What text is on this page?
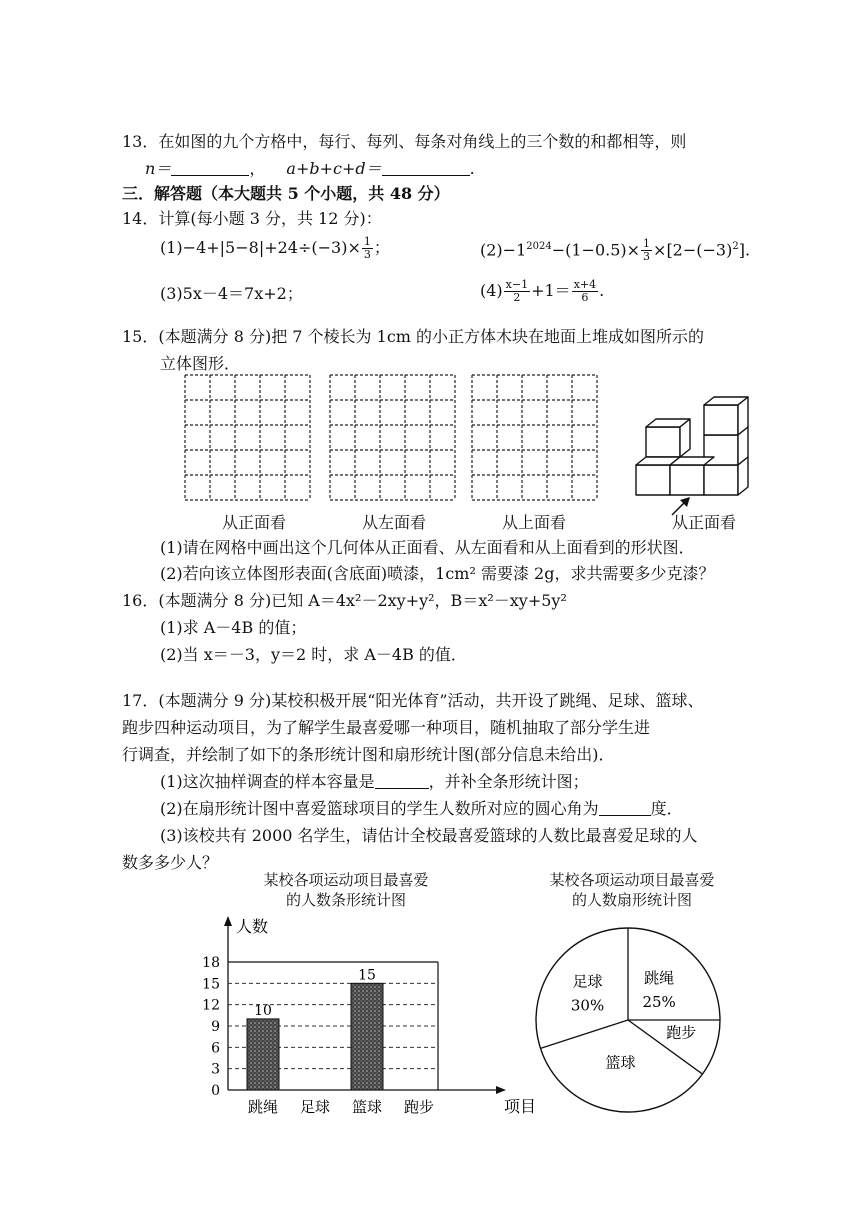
13．在如图的九个方格中，每行、每列、每条对角线上的三个数的和都相等，则
n＝	， a+b+c+d＝	.
三．解答题（本大题共 5 个小题，共 48 分）
14．计算(每小题 3 分，共 12 分)：
$(1)-4+|5-8|+24\div(-3)\times \frac{1}{3}$ ；	$(2)-1^{2024}-(1-0.5)\times \frac{1}{3} \times[2-(-3)^2]$.
(3)5x－4＝7x+2；	$(4) \frac{x-1}{2} +1= \frac{x+4}{6}$ .
15．(本题满分 8 分)把 7 个棱长为 1cm 的小正方体木块在地面上堆成如图所示的
立体图形．
从正面看	从左面看	从上面看	从正面看
(1)请在网格中画出这个几何体从正面看、从左面看和从上面看到的形状图．
(2)若向该立体图形表面(含底面)喷漆，1cm² 需要漆 2g，求共需要多少克漆？
16．(本题满分 8 分)已知 A＝4x²－2xy+y²，B＝x²－xy+5y²
(1)求 A－4B 的值；
(2)当 x＝－3，y＝2 时，求 A－4B 的值．
17．(本题满分 9 分)某校积极开展“阳光体育”活动，共开设了跳绳、足球、篮球、
跑步四种运动项目，为了解学生最喜爱哪一种项目，随机抽取了部分学生进
行调查，并绘制了如下的条形统计图和扇形统计图(部分信息未给出)．
(1)这次抽样调查的样本容量是	，并补全条形统计图；
(2)在扇形统计图中喜爱篮球项目的学生人数所对应的圆心角为	度．
(3)该校共有 2000 名学生，请估计全校最喜爱篮球的人数比最喜爱足球的人
数多多少人？
某校各项运动项目最喜爱
的人数条形统计图
某校各项运动项目最喜爱
的人数扇形统计图
0
3
6
9
12
15
18
人数
项目
10
跳绳 足球
15
篮球 跑步
跳绳
25%
跑步
篮球
足球
30%
